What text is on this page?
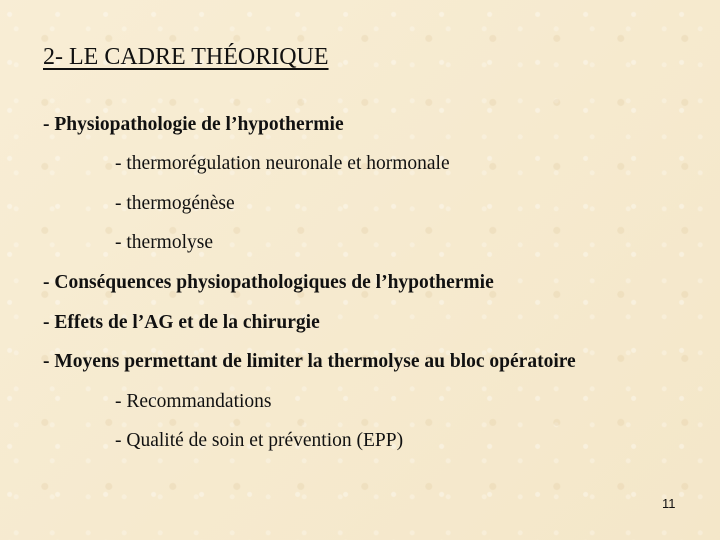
2- LE CADRE THÉORIQUE
- Physiopathologie de l’hypothermie
- thermorégulation neuronale et hormonale
- thermogénèse
- thermolyse
- Conséquences physiopathologiques de l’hypothermie
- Effets de l’AG et de la chirurgie
- Moyens permettant de limiter la thermolyse au bloc opératoire
- Recommandations
- Qualité de soin et prévention (EPP)
11
